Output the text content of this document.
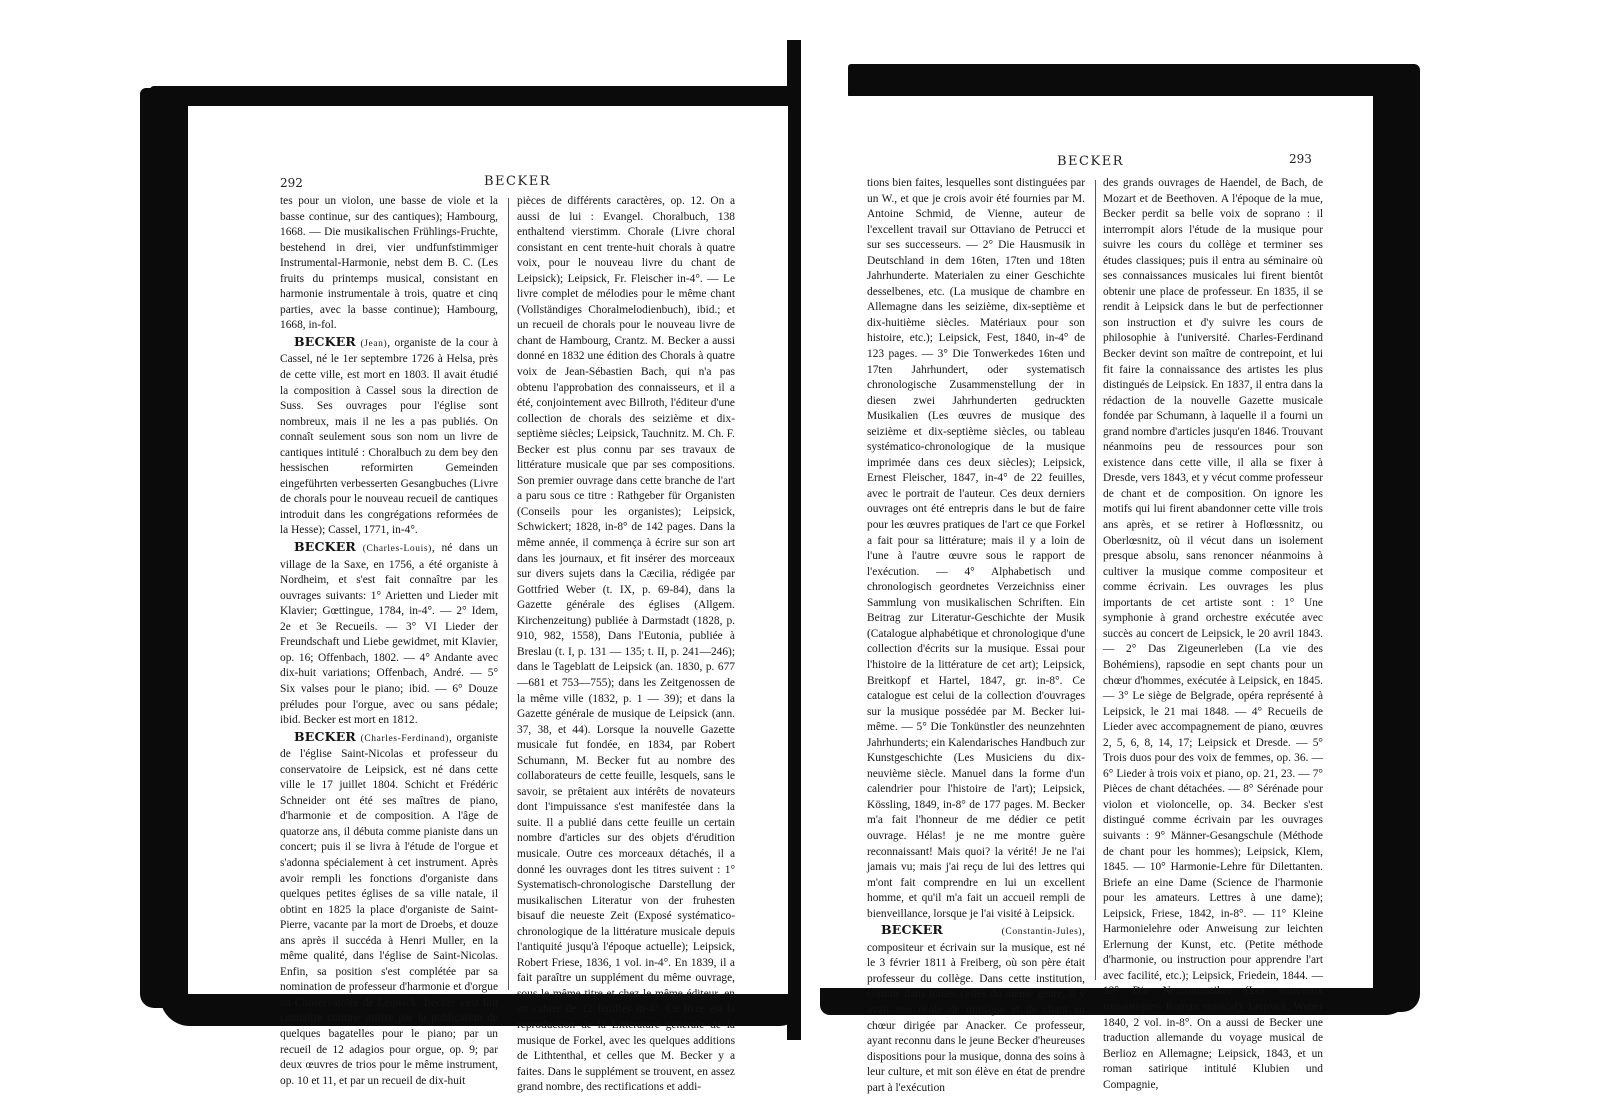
292	BECKER

tes pour un violon, une basse de viole et la basse continue, sur des cantiques); Hambourg, 1668. — Die musikalischen Frühlings-Fruchte, bestehend in drei, vier undfunfstimmiger Instrumental-Harmonie, nebst dem B. C. (Les fruits du printemps musical, consistant en harmonie instrumentale à trois, quatre et cinq parties, avec la basse continue); Hambourg, 1668, in-fol.

BECKER (Jean), organiste de la cour à Cassel, né le 1er septembre 1726 à Helsa, près de cette ville, est mort en 1803. Il avait étudié la composition à Cassel sous la direction de Suss. Ses ouvrages pour l'église sont nombreux, mais il ne les a pas publiés. On connaît seulement sous son nom un livre de cantiques intitulé : Choralbuch zu dem bey den hessischen reformirten Gemeinden eingeführten verbesserten Gesangbuches (Livre de chorals pour le nouveau recueil de cantiques introduit dans les congrégations reformées de la Hesse); Cassel, 1771, in-4°.

BECKER (Charles-Louis), né dans un village de la Saxe, en 1756, a été organiste à Nordheim, et s'est fait connaître par les ouvrages suivants: 1° Arietten und Lieder mit Klavier; Gœttingue, 1784, in-4°. — 2° Idem, 2e et 3e Recueils. — 3° VI Lieder der Freundschaft und Liebe gewidmet, mit Klavier, op. 16; Offenbach, 1802. — 4° Andante avec dix-huit variations; Offenbach, André. — 5° Six valses pour le piano; ibid. — 6° Douze préludes pour l'orgue, avec ou sans pédale; ibid. Becker est mort en 1812.

BECKER (Charles-Ferdinand), organiste de l'église Saint-Nicolas et professeur du conservatoire de Leipsick, est né dans cette ville le 17 juillet 1804. Schicht et Frédéric Schneider ont été ses maîtres de piano, d'harmonie et de composition. A l'âge de quatorze ans, il débuta comme pianiste dans un concert; puis il se livra à l'étude de l'orgue et s'adonna spécialement à cet instrument. Après avoir rempli les fonctions d'organiste dans quelques petites églises de sa ville natale, il obtint en 1825 la place d'organiste de Saint-Pierre, vacante par la mort de Droebs, et douze ans après il succéda à Henri Muller, en la même qualité, dans l'église de Saint-Nicolas. Enfin, sa position s'est complétée par sa nomination de professeur d'harmonie et d'orgue au Conservatoire de Leipsick. Becker s'est fait connaître comme artiste par la publication de quelques bagatelles pour le piano; par un recueil de 12 adagios pour orgue, op. 9; par deux œuvres de trios pour le même instrument, op. 10 et 11, et par un recueil de dix-huit

pièces de différents caractères, op. 12. On a aussi de lui : Evangel. Choralbuch, 138 enthaltend vierstimm. Chorale (Livre choral consistant en cent trente-huit chorals à quatre voix, pour le nouveau livre du chant de Leipsick); Leipsick, Fr. Fleischer in-4°. — Le livre complet de mélodies pour le même chant (Vollständiges Choralmelodienbuch), ibid.; et un recueil de chorals pour le nouveau livre de chant de Hambourg, Crantz. M. Becker a aussi donné en 1832 une édition des Chorals à quatre voix de Jean-Sébastien Bach, qui n'a pas obtenu l'approbation des connaisseurs, et il a été, conjointement avec Billroth, l'éditeur d'une collection de chorals des seizième et dix-septième siècles; Leipsick, Tauchnitz. M. Ch. F. Becker est plus connu par ses travaux de littérature musicale que par ses compositions. Son premier ouvrage dans cette branche de l'art a paru sous ce titre : Rathgeber für Organisten (Conseils pour les organistes); Leipsick, Schwickert; 1828, in-8° de 142 pages. Dans la même année, il commença à écrire sur son art dans les journaux, et fit insérer des morceaux sur divers sujets dans la Cæcilia, rédigée par Gottfried Weber (t. IX, p. 69-84), dans la Gazette générale des églises (Allgem. Kirchenzeitung) publiée à Darmstadt (1828, p. 910, 982, 1558), Dans l'Eutonia, publiée à Breslau (t. I, p. 131 — 135; t. II, p. 241—246); dans le Tageblatt de Leipsick (an. 1830, p. 677—681 et 753—755); dans les Zeitgenossen de la même ville (1832, p. 1 — 39); et dans la Gazette générale de musique de Leipsick (ann. 37, 38, et 44). Lorsque la nouvelle Gazette musicale fut fondée, en 1834, par Robert Schumann, M. Becker fut au nombre des collaborateurs de cette feuille, lesquels, sans le savoir, se prêtaient aux intérêts de novateurs dont l'impuissance s'est manifestée dans la suite. Il a publié dans cette feuille un certain nombre d'articles sur des objets d'érudition musicale. Outre ces morceaux détachés, il a donné les ouvrages dont les titres suivent : 1° Systematisch-chronologische Darstellung der musikalischen Literatur von der fruhesten bisauf die neueste Zeit (Exposé systématico-chronologique de la littérature musicale depuis l'antiquité jusqu'à l'époque actuelle); Leipsick, Robert Friese, 1836, 1 vol. in-4°. En 1839, il a fait paraître un supplément du même ouvrage, sous le même titre et chez le même éditeur, en un cahier de 12 feuilles in-4°. Ce livre est la reproduction de la Littérature générale de la musique de Forkel, avec les quelques additions de Lithtenthal, et celles que M. Becker y a faites. Dans le supplément se trouvent, en assez grand nombre, des rectifications et addi-

BECKER	293

tions bien faites, lesquelles sont distinguées par un W., et que je crois avoir été fournies par M. Antoine Schmid, de Vienne, auteur de l'excellent travail sur Ottaviano de Petrucci et sur ses successeurs. — 2° Die Hausmusik in Deutschland in dem 16ten, 17ten und 18ten Jahrhunderte. Materialen zu einer Geschichte desselbenes, etc. (La musique de chambre en Allemagne dans les seizième, dix-septième et dix-huitième siècles. Matériaux pour son histoire, etc.); Leipsick, Fest, 1840, in-4° de 123 pages. — 3° Die Tonwerkedes 16ten und 17ten Jahrhundert, oder systematisch chronologische Zusammenstellung der in diesen zwei Jahrhunderten gedruckten Musikalien (Les œuvres de musique des seizième et dix-septième siècles, ou tableau systématico-chronologique de la musique imprimée dans ces deux siècles); Leipsick, Ernest Fleischer, 1847, in-4° de 22 feuilles, avec le portrait de l'auteur. Ces deux derniers ouvrages ont été entrepris dans le but de faire pour les œuvres pratiques de l'art ce que Forkel a fait pour sa littérature; mais il y a loin de l'une à l'autre œuvre sous le rapport de l'exécution. — 4° Alphabetisch und chronologisch geordnetes Verzeichniss einer Sammlung von musikalischen Schriften. Ein Beitrag zur Literatur-Geschichte der Musik (Catalogue alphabétique et chronologique d'une collection d'écrits sur la musique. Essai pour l'histoire de la littérature de cet art); Leipsick, Breitkopf et Hartel, 1847, gr. in-8°. Ce catalogue est celui de la collection d'ouvrages sur la musique possédée par M. Becker lui-même. — 5° Die Tonkünstler des neunzehnten Jahrhunderts; ein Kalendarisches Handbuch zur Kunstgeschichte (Les Musiciens du dix-neuvième siècle. Manuel dans la forme d'un calendrier pour l'histoire de l'art); Leipsick, Kössling, 1849, in-8° de 177 pages. M. Becker m'a fait l'honneur de me dédier ce petit ouvrage. Hélas! je ne me montre guère reconnaissant! Mais quoi? la vérité! Je ne l'ai jamais vu; mais j'ai reçu de lui des lettres qui m'ont fait comprendre en lui un excellent homme, et qu'il m'a fait un accueil rempli de bienveillance, lorsque je l'ai visité à Leipsick.

BECKER	(Constantin-Jules), compositeur et écrivain sur la musique, est né le 3 février 1811 à Freiberg, où son père était professeur du collège. Dans cette institution, comme dans toutes celles du même genre, il y avait une école de musique et de chant en chœur dirigée par Anacker. Ce professeur, ayant reconnu dans le jeune Becker d'heureuses dispositions pour la musique, donna des soins à leur culture, et mit son élève en état de prendre part à l'exécution

des grands ouvrages de Haendel, de Bach, de Mozart et de Beethoven. A l'époque de la mue, Becker perdit sa belle voix de soprano : il interrompit alors l'étude de la musique pour suivre les cours du collège et terminer ses études classiques; puis il entra au séminaire où ses connaissances musicales lui firent bientôt obtenir une place de professeur. En 1835, il se rendit à Leipsick dans le but de perfectionner son instruction et d'y suivre les cours de philosophie à l'université. Charles-Ferdinand Becker devint son maître de contrepoint, et lui fit faire la connaissance des artistes les plus distingués de Leipsick. En 1837, il entra dans la rédaction de la nouvelle Gazette musicale fondée par Schumann, à laquelle il a fourni un grand nombre d'articles jusqu'en 1846. Trouvant néanmoins peu de ressources pour son existence dans cette ville, il alla se fixer à Dresde, vers 1843, et y vécut comme professeur de chant et de composition. On ignore les motifs qui lui firent abandonner cette ville trois ans après, et se retirer à Hoflœssnitz, ou Oberlœsnitz, où il vécut dans un isolement presque absolu, sans renoncer néanmoins à cultiver la musique comme compositeur et comme écrivain. Les ouvrages les plus importants de cet artiste sont : 1° Une symphonie à grand orchestre exécutée avec succès au concert de Leipsick, le 20 avril 1843. — 2° Das Zigeunerleben (La vie des Bohémiens), rapsodie en sept chants pour un chœur d'hommes, exécutée à Leipsick, en 1845. — 3° Le siège de Belgrade, opéra représenté à Leipsick, le 21 mai 1848. — 4° Recueils de Lieder avec accompagnement de piano, œuvres 2, 5, 6, 8, 14, 17; Leipsick et Dresde. — 5° Trois duos pour des voix de femmes, op. 36. — 6° Lieder à trois voix et piano, op. 21, 23. — 7° Pièces de chant détachées. — 8° Sérénade pour violon et violoncelle, op. 34. Becker s'est distingué comme écrivain par les ouvrages suivants : 9° Männer-Gesangschule (Méthode de chant pour les hommes); Leipsick, Klem, 1845. — 10° Harmonie-Lehre für Dilettanten. Briefe an eine Dame (Science de l'harmonie pour les amateurs. Lettres à une dame); Leipsick, Friese, 1842, in-8°. — 11° Kleine Harmonielehre oder Anweisung zur leichten Erlernung der Kunst, etc. (Petite méthode d'harmonie, ou instruction pour apprendre l'art avec facilité, etc.); Leipsick, Friedein, 1844. — 12° Die Neuromantiker (Les nouveaux romantiques. Roman musical); Leipsick, Weber 1840, 2 vol. in-8°. On a aussi de Becker une traduction allemande du voyage musical de Berlioz en Allemagne; Leipsick, 1843, et un roman satirique intitulé Klubien und Compagnie,
